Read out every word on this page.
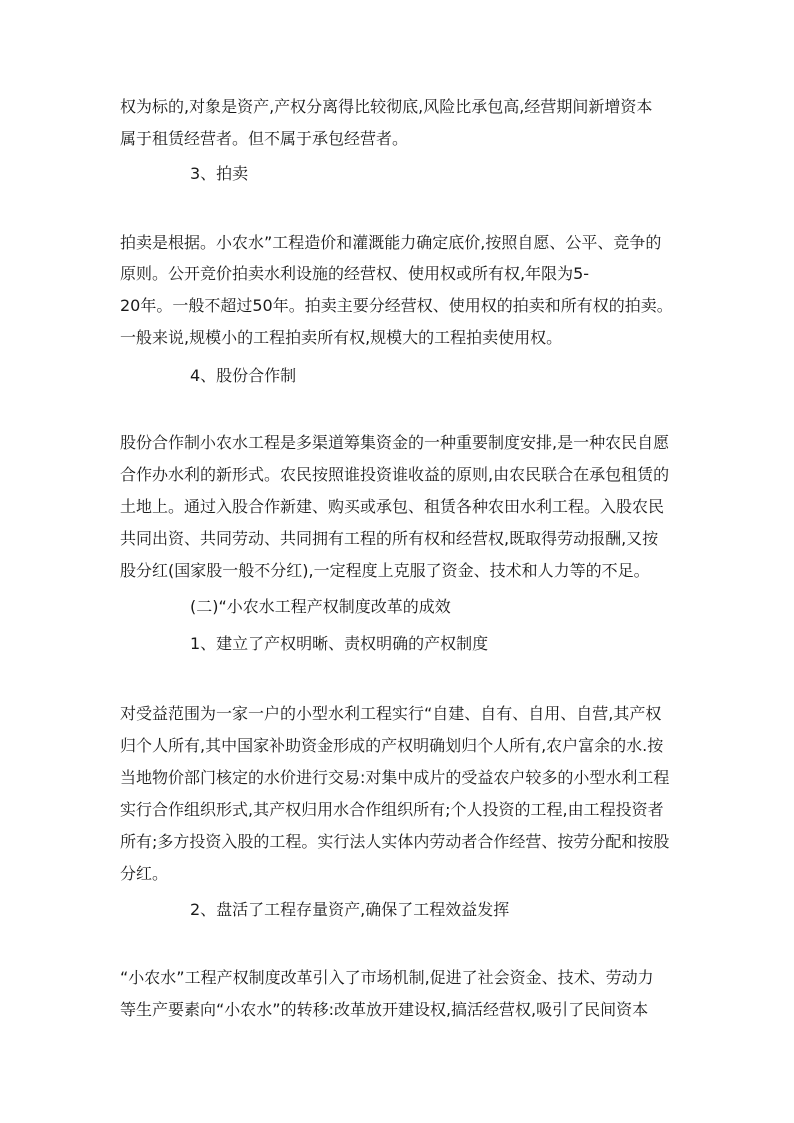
权为标的,对象是资产,产权分离得比较彻底,风险比承包高,经营期间新增资本

属于租赁经营者。但不属于承包经营者。

3、拍卖

拍卖是根据。小农水”工程造价和灌溉能力确定底价,按照自愿、公平、竞争的

原则。公开竞价拍卖水利设施的经营权、使用权或所有权,年限为5-

20年。一般不超过50年。拍卖主要分经营权、使用权的拍卖和所有权的拍卖。

一般来说,规模小的工程拍卖所有权,规模大的工程拍卖使用权。

4、股份合作制

股份合作制小农水工程是多渠道筹集资金的一种重要制度安排,是一种农民自愿

合作办水利的新形式。农民按照谁投资谁收益的原则,由农民联合在承包租赁的

土地上。通过入股合作新建、购买或承包、租赁各种农田水利工程。入股农民

共同出资、共同劳动、共同拥有工程的所有权和经营权,既取得劳动报酬,又按

股分红(国家股一般不分红),一定程度上克服了资金、技术和人力等的不足。

(二)“小农水工程产权制度改革的成效

1、建立了产权明晰、责权明确的产权制度

对受益范围为一家一户的小型水利工程实行“自建、自有、自用、自营,其产权

归个人所有,其中国家补助资金形成的产权明确划归个人所有,农户富余的水.按

当地物价部门核定的水价进行交易:对集中成片的受益农户较多的小型水利工程

实行合作组织形式,其产权归用水合作组织所有;个人投资的工程,由工程投资者

所有;多方投资入股的工程。实行法人实体内劳动者合作经营、按劳分配和按股

分红。

2、盘活了工程存量资产,确保了工程效益发挥

“小农水”工程产权制度改革引入了市场机制,促进了社会资金、技术、劳动力

等生产要素向“小农水”的转移:改革放开建设权,搞活经营权,吸引了民间资本
